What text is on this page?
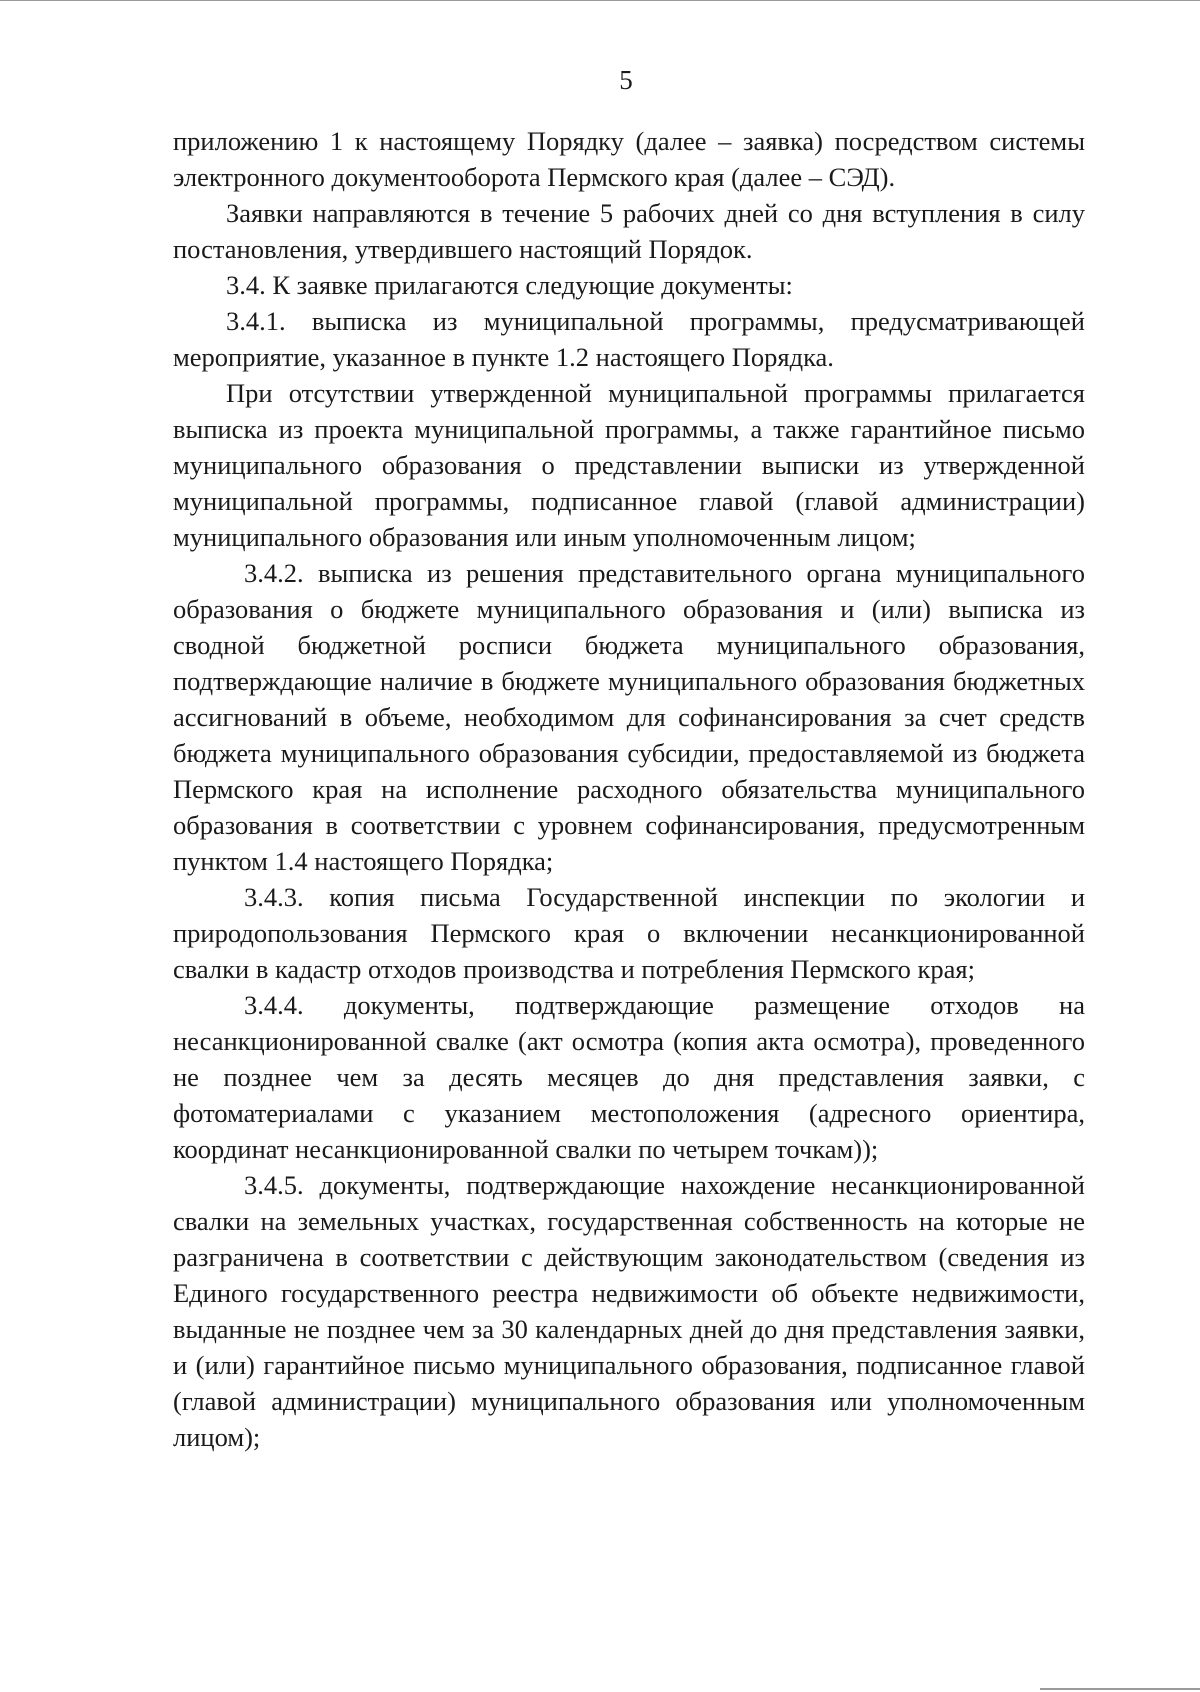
5

приложению 1 к настоящему Порядку (далее – заявка) посредством системы электронного документооборота Пермского края (далее – СЭД).

Заявки направляются в течение 5 рабочих дней со дня вступления в силу постановления, утвердившего настоящий Порядок.

3.4. К заявке прилагаются следующие документы:

3.4.1. выписка из муниципальной программы, предусматривающей мероприятие, указанное в пункте 1.2 настоящего Порядка.

При отсутствии утвержденной муниципальной программы прилагается выписка из проекта муниципальной программы, а также гарантийное письмо муниципального образования о представлении выписки из утвержденной муниципальной программы, подписанное главой (главой администрации) муниципального образования или иным уполномоченным лицом;

3.4.2. выписка из решения представительного органа муниципального образования о бюджете муниципального образования и (или) выписка из сводной бюджетной росписи бюджета муниципального образования, подтверждающие наличие в бюджете муниципального образования бюджетных ассигнований в объеме, необходимом для софинансирования за счет средств бюджета муниципального образования субсидии, предоставляемой из бюджета Пермского края на исполнение расходного обязательства муниципального образования в соответствии с уровнем софинансирования, предусмотренным пунктом 1.4 настоящего Порядка;

3.4.3. копия письма Государственной инспекции по экологии и природопользования Пермского края о включении несанкционированной свалки в кадастр отходов производства и потребления Пермского края;

3.4.4. документы, подтверждающие размещение отходов на несанкционированной свалке (акт осмотра (копия акта осмотра), проведенного не позднее чем за десять месяцев до дня представления заявки, с фотоматериалами с указанием местоположения (адресного ориентира, координат несанкционированной свалки по четырем точкам));

3.4.5. документы, подтверждающие нахождение несанкционированной свалки на земельных участках, государственная собственность на которые не разграничена в соответствии с действующим законодательством (сведения из Единого государственного реестра недвижимости об объекте недвижимости, выданные не позднее чем за 30 календарных дней до дня представления заявки, и (или) гарантийное письмо муниципального образования, подписанное главой (главой администрации) муниципального образования или уполномоченным лицом);
